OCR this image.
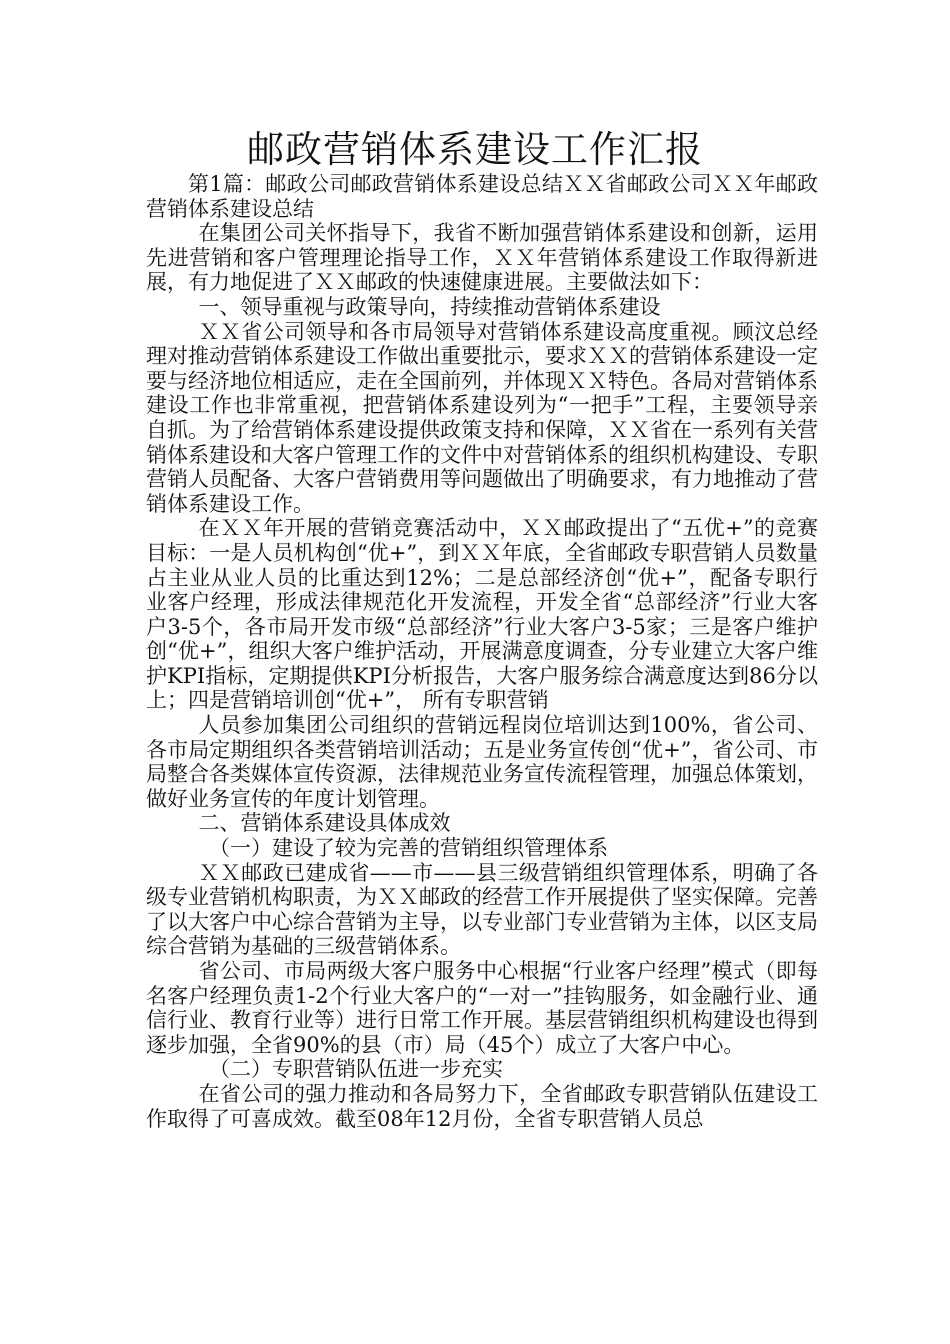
邮政营销体系建设工作汇报

第1篇：邮政公司邮政营销体系建设总结ＸＸ省邮政公司ＸＸ年邮政营销体系建设总结

在集团公司关怀指导下，我省不断加强营销体系建设和创新，运用先进营销和客户管理理论指导工作，ＸＸ年营销体系建设工作取得新进展，有力地促进了ＸＸ邮政的快速健康进展。主要做法如下：

一、领导重视与政策导向，持续推动营销体系建设

ＸＸ省公司领导和各市局领导对营销体系建设高度重视。顾汶总经理对推动营销体系建设工作做出重要批示，要求ＸＸ的营销体系建设一定要与经济地位相适应，走在全国前列，并体现ＸＸ特色。各局对营销体系建设工作也非常重视，把营销体系建设列为“一把手”工程，主要领导亲自抓。为了给营销体系建设提供政策支持和保障，ＸＸ省在一系列有关营销体系建设和大客户管理工作的文件中对营销体系的组织机构建设、专职营销人员配备、大客户营销费用等问题做出了明确要求，有力地推动了营销体系建设工作。

在ＸＸ年开展的营销竞赛活动中，ＸＸ邮政提出了“五优+”的竞赛目标：一是人员机构创“优+”，到ＸＸ年底，全省邮政专职营销人员数量占主业从业人员的比重达到12%；二是总部经济创“优+”，配备专职行业客户经理，形成法律规范化开发流程，开发全省“总部经济”行业大客户3-5个，各市局开发市级“总部经济”行业大客户3-5家；三是客户维护创“优+”，组织大客户维护活动，开展满意度调查，分专业建立大客户维护KPI指标，定期提供KPI分析报告，大客户服务综合满意度达到86分以上；四是营销培训创“优+”， 所有专职营销

人员参加集团公司组织的营销远程岗位培训达到100%，省公司、各市局定期组织各类营销培训活动；五是业务宣传创“优+”，省公司、市局整合各类媒体宣传资源，法律规范业务宣传流程管理，加强总体策划，做好业务宣传的年度计划管理。

二、营销体系建设具体成效

（一）建设了较为完善的营销组织管理体系

ＸＸ邮政已建成省——市——县三级营销组织管理体系，明确了各级专业营销机构职责，为ＸＸ邮政的经营工作开展提供了坚实保障。完善了以大客户中心综合营销为主导，以专业部门专业营销为主体，以区支局综合营销为基础的三级营销体系。

省公司、市局两级大客户服务中心根据“行业客户经理”模式（即每名客户经理负责1-2个行业大客户的“一对一”挂钩服务，如金融行业、通信行业、教育行业等）进行日常工作开展。基层营销组织机构建设也得到逐步加强，全省90%的县（市）局（45个）成立了大客户中心。

（二）专职营销队伍进一步充实

在省公司的强力推动和各局努力下，全省邮政专职营销队伍建设工作取得了可喜成效。截至08年12月份，全省专职营销人员总
